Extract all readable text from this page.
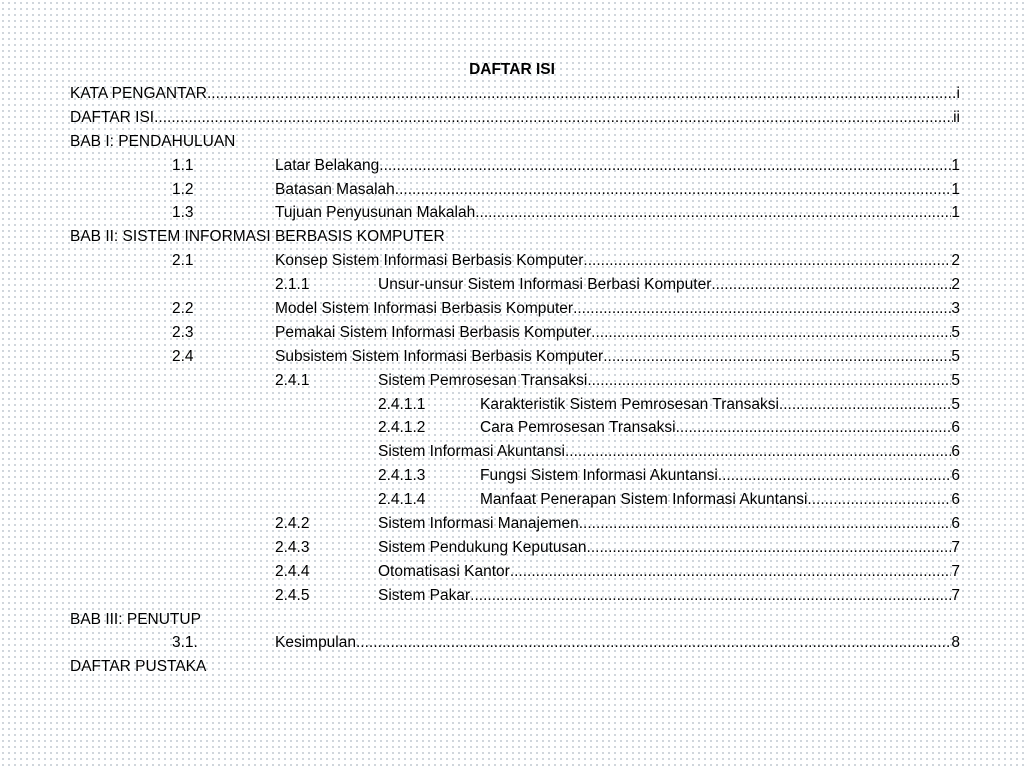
DAFTAR ISI
KATA PENGANTAR .....	i
DAFTAR ISI .....	ii
BAB I: PENDAHULUAN
1.1	Latar Belakang .....	1
1.2	Batasan Masalah .....	1
1.3	Tujuan Penyusunan Makalah .....	1
BAB II: SISTEM INFORMASI BERBASIS KOMPUTER
2.1	Konsep Sistem Informasi Berbasis Komputer .....	2
2.1.1	Unsur-unsur Sistem Informasi Berbasi Komputer .....	2
2.2	Model Sistem Informasi Berbasis Komputer .....	3
2.3	Pemakai Sistem Informasi Berbasis Komputer .....	5
2.4	Subsistem Sistem Informasi Berbasis Komputer .....	5
2.4.1	Sistem Pemrosesan Transaksi .....	5
2.4.1.1	Karakteristik Sistem Pemrosesan Transaksi .....	5
2.4.1.2	Cara Pemrosesan Transaksi .....	6
Sistem Informasi Akuntansi .....	6
2.4.1.3	Fungsi Sistem Informasi Akuntansi .....	6
2.4.1.4	Manfaat Penerapan Sistem Informasi Akuntansi .....	6
2.4.2	Sistem Informasi Manajemen .....	6
2.4.3	Sistem Pendukung Keputusan .....	7
2.4.4	Otomatisasi Kantor .....	7
2.4.5	Sistem Pakar .....	7
BAB III: PENUTUP
3.1.	Kesimpulan .....	8
DAFTAR PUSTAKA
